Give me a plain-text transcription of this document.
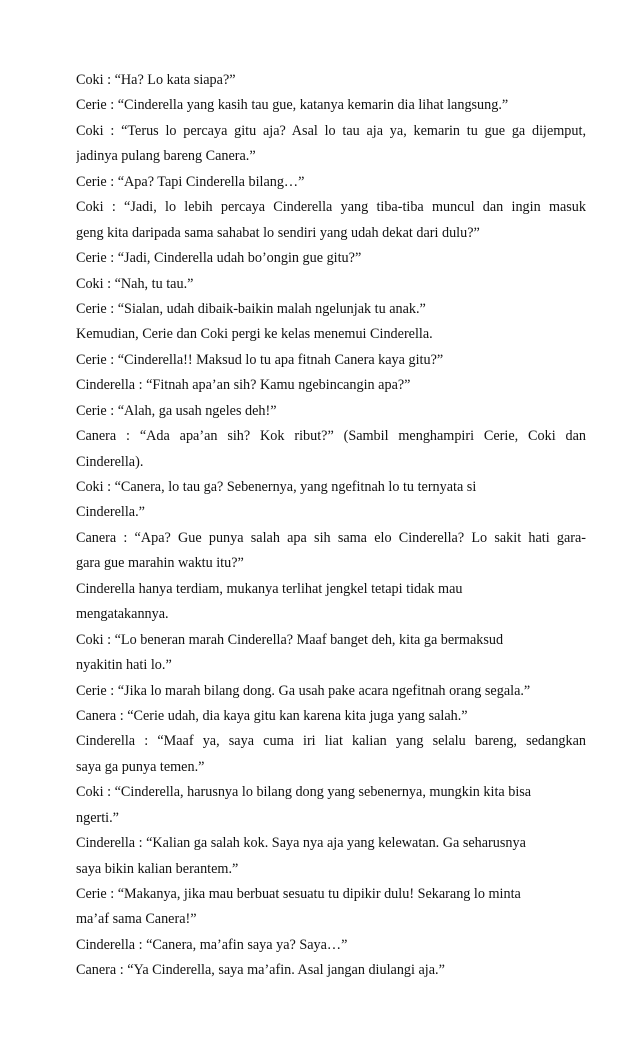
Coki : “Ha? Lo kata siapa?”
Cerie : “Cinderella yang kasih tau gue, katanya kemarin dia lihat langsung.”
Coki : “Terus lo percaya gitu aja? Asal lo tau aja ya, kemarin tu gue ga dijemput,
jadinya pulang bareng Canera.”
Cerie : “Apa? Tapi Cinderella bilang…”
Coki : “Jadi, lo lebih percaya Cinderella yang tiba-tiba muncul dan ingin masuk
geng kita daripada sama sahabat lo sendiri yang udah dekat dari dulu?”
Cerie : “Jadi, Cinderella udah bo’ongin gue gitu?”
Coki : “Nah, tu tau.”
Cerie : “Sialan, udah dibaik-baikin malah ngelunjak tu anak.”
Kemudian, Cerie dan Coki pergi ke kelas menemui Cinderella.
Cerie : “Cinderella!! Maksud lo tu apa fitnah Canera kaya gitu?”
Cinderella : “Fitnah apa’an sih? Kamu ngebincangin apa?”
Cerie : “Alah, ga usah ngeles deh!”
Canera : “Ada apa’an sih? Kok ribut?” (Sambil menghampiri Cerie, Coki dan
Cinderella).
Coki : “Canera, lo tau ga? Sebenernya, yang ngefitnah lo tu ternyata si
Cinderella.”
Canera : “Apa? Gue punya salah apa sih sama elo Cinderella? Lo sakit hati gara-
gara gue marahin waktu itu?”
Cinderella hanya terdiam, mukanya terlihat jengkel tetapi tidak mau
mengatakannya.
Coki : “Lo beneran marah Cinderella? Maaf banget deh, kita ga bermaksud
nyakitin hati lo.”
Cerie : “Jika lo marah bilang dong. Ga usah pake acara ngefitnah orang segala.”
Canera : “Cerie udah, dia kaya gitu kan karena kita juga yang salah.”
Cinderella : “Maaf ya, saya cuma iri liat kalian yang selalu bareng, sedangkan
saya ga punya temen.”
Coki : “Cinderella, harusnya lo bilang dong yang sebenernya, mungkin kita bisa
ngerti.”
Cinderella : “Kalian ga salah kok. Saya nya aja yang kelewatan. Ga seharusnya
saya bikin kalian berantem.”
Cerie : “Makanya, jika mau berbuat sesuatu tu dipikir dulu! Sekarang lo minta
ma’af sama Canera!”
Cinderella : “Canera, ma’afin saya ya? Saya…”
Canera : “Ya Cinderella, saya ma’afin. Asal jangan diulangi aja.”
